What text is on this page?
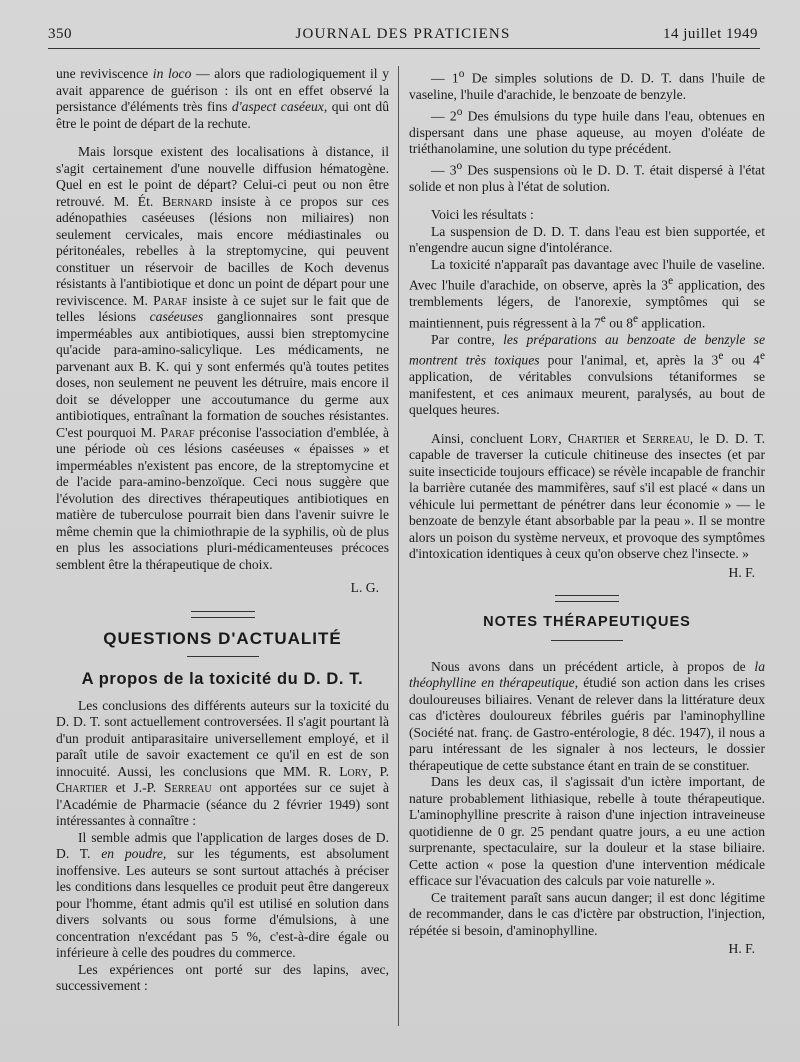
350	JOURNAL DES PRATICIENS	14 juillet 1949

une reviviscence in loco — alors que radiologiquement il y avait apparence de guérison : ils ont en effet observé la persistance d'éléments très fins d'aspect caséeux, qui ont dû être le point de départ de la rechute.

Mais lorsque existent des localisations à distance, il s'agit certainement d'une nouvelle diffusion hématogène. Quel en est le point de départ? Celui-ci peut ou non être retrouvé. M. Ét. Bernard insiste à ce propos sur ces adénopathies caséeuses (lésions non miliaires) non seulement cervicales, mais encore médiastinales ou péritonéales, rebelles à la streptomycine, qui peuvent constituer un réservoir de bacilles de Koch devenus résistants à l'antibiotique et donc un point de départ pour une reviviscence. M. Paraf insiste à ce sujet sur le fait que de telles lésions caséeuses ganglionnaires sont presque imperméables aux antibiotiques, aussi bien streptomycine qu'acide para-amino-salicylique. Les médicaments, ne parvenant aux B. K. qui y sont enfermés qu'à toutes petites doses, non seulement ne peuvent les détruire, mais encore il doit se développer une accoutumance du germe aux antibiotiques, entraînant la formation de souches résistantes. C'est pourquoi M. Paraf préconise l'association d'emblée, à une période où ces lésions caséeuses « épaisses » et imperméables n'existent pas encore, de la streptomycine et de l'acide para-amino-benzoïque. Ceci nous suggère que l'évolution des directives thérapeutiques antibiotiques en matière de tuberculose pourrait bien dans l'avenir suivre le même chemin que la chimiothrapie de la syphilis, où de plus en plus les associations pluri-médicamenteuses précoces semblent être la thérapeutique de choix.

L. G.

QUESTIONS D'ACTUALITÉ
A propos de la toxicité du D. D. T.

Les conclusions des différents auteurs sur la toxicité du D. D. T. sont actuellement controversées. Il s'agit pourtant là d'un produit antiparasitaire universellement employé, et il paraît utile de savoir exactement ce qu'il en est de son innocuité. Aussi, les conclusions que MM. R. Lory, P. Chartier et J.-P. Serreau ont apportées sur ce sujet à l'Académie de Pharmacie (séance du 2 février 1949) sont intéressantes à connaître :

Il semble admis que l'application de larges doses de D. D. T. en poudre, sur les téguments, est absolument inoffensive. Les auteurs se sont surtout attachés à préciser les conditions dans lesquelles ce produit peut être dangereux pour l'homme, étant admis qu'il est utilisé en solution dans divers solvants ou sous forme d'émulsions, à une concentration n'excédant pas 5 %, c'est-à-dire égale ou inférieure à celle des poudres du commerce.

Les expériences ont porté sur des lapins, avec, successivement :

— 1$^o$ De simples solutions de D. D. T. dans l'huile de vaseline, l'huile d'arachide, le benzoate de benzyle.

— 2$^o$ Des émulsions du type huile dans l'eau, obtenues en dispersant dans une phase aqueuse, au moyen d'oléate de triéthanolamine, une solution du type précédent.

— 3$^o$ Des suspensions où le D. D. T. était dispersé à l'état solide et non plus à l'état de solution.

Voici les résultats :

La suspension de D. D. T. dans l'eau est bien supportée, et n'engendre aucun signe d'intolérance.

La toxicité n'apparaît pas davantage avec l'huile de vaseline. Avec l'huile d'arachide, on observe, après la 3e application, des tremblements légers, de l'anorexie, symptômes qui se maintiennent, puis régressent à la 7e ou 8e application.

Par contre, les préparations au benzoate de benzyle se montrent très toxiques pour l'animal, et, après la 3e ou 4e application, de véritables convulsions tétaniformes se manifestent, et ces animaux meurent, paralysés, au bout de quelques heures.

Ainsi, concluent Lory, Chartier et Serreau, le D. D. T. capable de traverser la cuticule chitineuse des insectes (et par suite insecticide toujours efficace) se révèle incapable de franchir la barrière cutanée des mammifères, sauf s'il est placé « dans un véhicule lui permettant de pénétrer dans leur économie » — le benzoate de benzyle étant absorbable par la peau ». Il se montre alors un poison du système nerveux, et provoque des symptômes d'intoxication identiques à ceux qu'on observe chez l'insecte. »

H. F.

NOTES THÉRAPEUTIQUES

Nous avons dans un précédent article, à propos de la théophylline en thérapeutique, étudié son action dans les crises douloureuses biliaires. Venant de relever dans la littérature deux cas d'ictères douloureux fébriles guéris par l'aminophylline (Société nat. franç. de Gastro-entérologie, 8 déc. 1947), il nous a paru intéressant de les signaler à nos lecteurs, le dossier thérapeutique de cette substance étant en train de se constituer.

Dans les deux cas, il s'agissait d'un ictère important, de nature probablement lithiasique, rebelle à toute thérapeutique. L'aminophylline prescrite à raison d'une injection intraveineuse quotidienne de 0 gr. 25 pendant quatre jours, a eu une action surprenante, spectaculaire, sur la douleur et la stase biliaire. Cette action « pose la question d'une intervention médicale efficace sur l'évacuation des calculs par voie naturelle ».

Ce traitement paraît sans aucun danger; il est donc légitime de recommander, dans le cas d'ictère par obstruction, l'injection, répétée si besoin, d'aminophylline.

H. F.
